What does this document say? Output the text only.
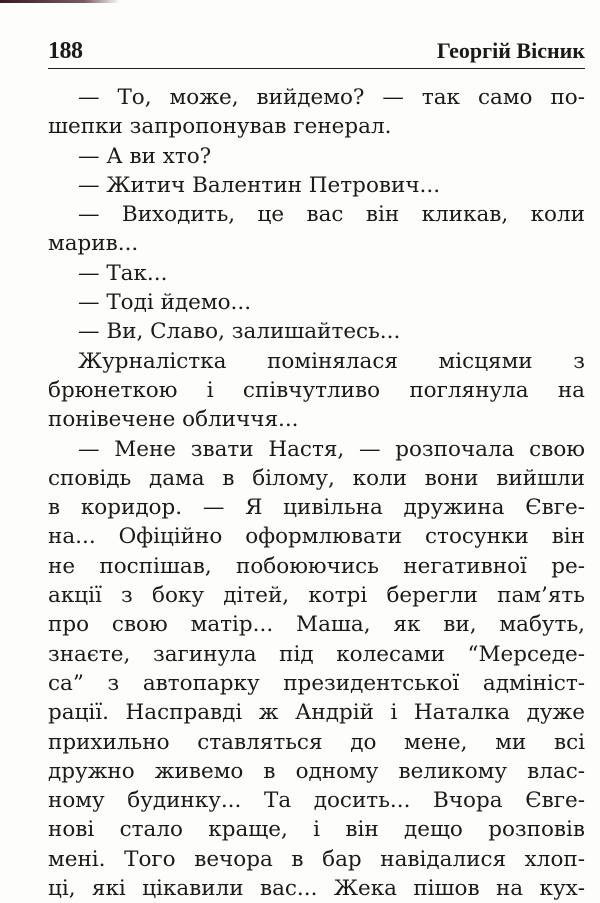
188	Георгій Вісник
— То, може, вийдемо? — так само по-
шепки запропонував генерал.
— А ви хто?
— Житич Валентин Петрович...
— Виходить, це вас він кликав, коли
марив...
— Так...
— Тоді йдемо...
— Ви, Славо, залишайтесь...
Журналістка помінялася місцями з
брюнеткою і співчутливо поглянула на
понівечене обличчя...
— Мене звати Настя, — розпочала свою
сповідь дама в білому, коли вони вийшли
в коридор. — Я цивільна дружина Євге-
на... Офіційно оформлювати стосунки він
не поспішав, побоюючись негативної ре-
акції з боку дітей, котрі берегли пам’ять
про свою матір... Маша, як ви, мабуть,
знаєте, загинула під колесами “Мерседе-
са” з автопарку президентської адмініст-
рації. Насправді ж Андрій і Наталка дуже
прихильно ставляться до мене, ми всі
дружно живемо в одному великому влас-
ному будинку... Та досить... Вчора Євге-
нові стало краще, і він дещо розповів
мені. Того вечора в бар навідалися хлоп-
ці, які цікавили вас... Жека пішов на кух-
